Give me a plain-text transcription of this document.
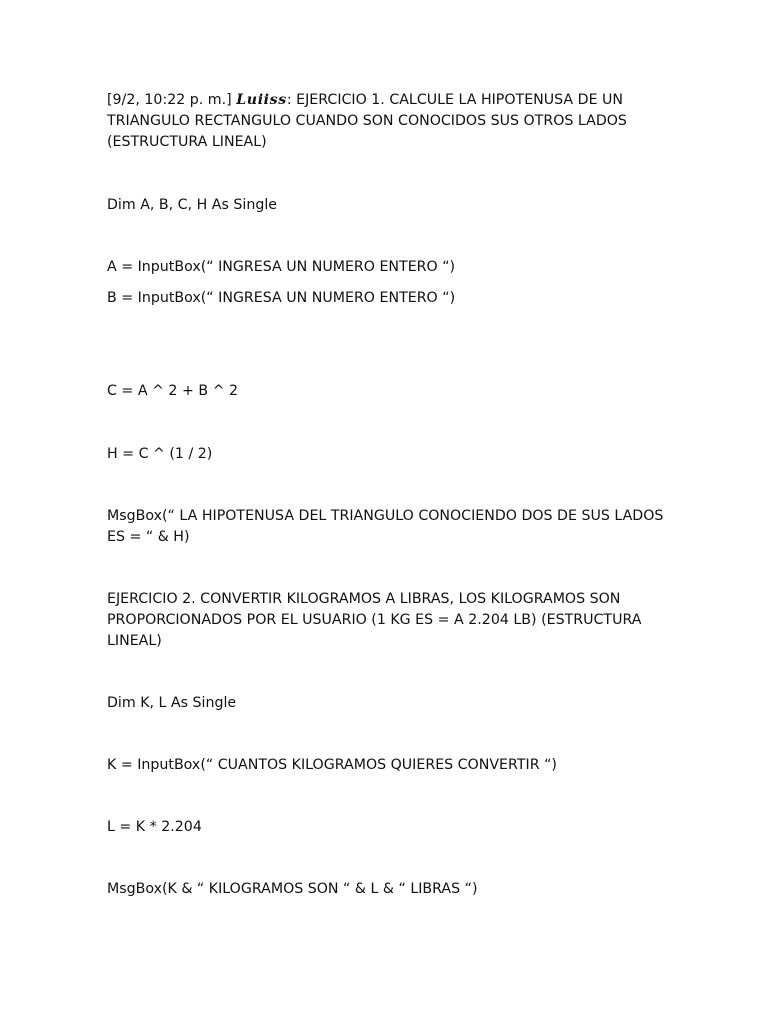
[9/2, 10:22 p. m.] Luiiss: EJERCICIO 1. CALCULE LA HIPOTENUSA DE UN TRIANGULO RECTANGULO CUANDO SON CONOCIDOS SUS OTROS LADOS (ESTRUCTURA LINEAL)

Dim A, B, C, H As Single

A = InputBox(“ INGRESA UN NUMERO ENTERO “)

B = InputBox(“ INGRESA UN NUMERO ENTERO “)

C = A ^ 2 + B ^ 2

H = C ^ (1 / 2)

MsgBox(“ LA HIPOTENUSA DEL TRIANGULO CONOCIENDO DOS DE SUS LADOS ES = “ & H)

EJERCICIO 2. CONVERTIR KILOGRAMOS A LIBRAS, LOS KILOGRAMOS SON PROPORCIONADOS POR EL USUARIO (1 KG ES = A 2.204 LB) (ESTRUCTURA LINEAL)

Dim K, L As Single

K = InputBox(“ CUANTOS KILOGRAMOS QUIERES CONVERTIR “)

L = K * 2.204

MsgBox(K & “ KILOGRAMOS SON “ & L & “ LIBRAS “)
